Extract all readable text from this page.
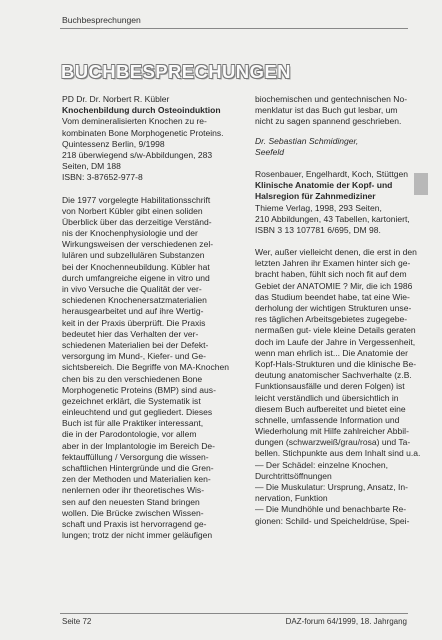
Buchbesprechungen
BUCHBESPRECHUNGEN
PD Dr. Dr. Norbert R. Kübler
Knochenbildung durch Osteoinduktion
Vom demineralisierten Knochen zu re-
kombinaten Bone Morphogenetic Proteins.
Quintessenz Berlin, 9/1998
218 überwiegend s/w-Abbildungen, 283
Seiten, DM 188
ISBN: 3-87652-977-8
Die 1977 vorgelegte Habilitationsschrift
von Norbert Kübler gibt einen soliden
Überblick über das derzeitige Verständ-
nis der Knochenphysiologie und der
Wirkungsweisen der verschiedenen zel-
lulären und subzellulären Substanzen
bei der Knochenneubildung. Kübler hat
durch umfangreiche eigene in vitro und
in vivo Versuche die Qualität der ver-
schiedenen Knochenersatzmaterialien
herausgearbeitet und auf ihre Wertig-
keit in der Praxis überprüft. Die Praxis
bedeutet hier das Verhalten der ver-
schiedenen Materialien bei der Defekt-
versorgung im Mund-, Kiefer- und Ge-
sichtsbereich. Die Begriffe von MA-Knochen
chen bis zu den verschiedenen Bone
Morphogenetic Proteins (BMP) sind aus-
gezeichnet erklärt, die Systematik ist
einleuchtend und gut gegliedert. Dieses
Buch ist für alle Praktiker interessant,
die in der Parodontologie, vor allem
aber in der Implantologie im Bereich De-
fektauffüllung / Versorgung die wissen-
schaftlichen Hintergründe und die Gren-
zen der Methoden und Materialien ken-
nenlernen oder ihr theoretisches Wis-
sen auf den neuesten Stand bringen
wollen. Die Brücke zwischen Wissen-
schaft und Praxis ist hervorragend ge-
lungen; trotz der nicht immer geläufigen
biochemischen und gentechnischen No-
menklatur ist das Buch gut lesbar, um
nicht zu sagen spannend geschrieben.
Dr. Sebastian Schmidinger,
Seefeld
Rosenbauer, Engelhardt, Koch, Stüttgen
Klinische Anatomie der Kopf- und
Halsregion für Zahnmediziner
Thieme Verlag, 1998, 293 Seiten,
210 Abbildungen, 43 Tabellen, kartoniert,
ISBN 3 13 107781 6/695, DM 98.
Wer, außer vielleicht denen, die erst in den
letzten Jahren ihr Examen hinter sich ge-
bracht haben, fühlt sich noch fit auf dem
Gebiet der ANATOMIE ? Mir, die ich 1986
das Studium beendet habe, tat eine Wie-
derholung der wichtigen Strukturen unse-
res täglichen Arbeitsgebietes zugegebe-
nermaßen gut- viele kleine Details geraten
doch im Laufe der Jahre in Vergessenheit,
wenn man ehrlich ist... Die Anatomie der
Kopf-Hals-Strukturen und die klinische Be-
deutung anatomischer Sachverhalte (z.B.
Funktionsausfälle und deren Folgen) ist
leicht verständlich und übersichtlich in
diesem Buch aufbereitet und bietet eine
schnelle, umfassende Information und
Wiederholung mit Hilfe zahlreicher Abbil-
dungen (schwarzweiß/grau/rosa) und Ta-
bellen. Stichpunkte aus dem Inhalt sind u.a.
— Der Schädel: einzelne Knochen,
Durchtrittsöffnungen
— Die Muskulatur: Ursprung, Ansatz, In-
nervation, Funktion
— Die Mundhöhle und benachbarte Re-
gionen: Schild- und Speicheldrüse, Spei-
Seite 72	DAZ-forum 64/1999, 18. Jahrgang
